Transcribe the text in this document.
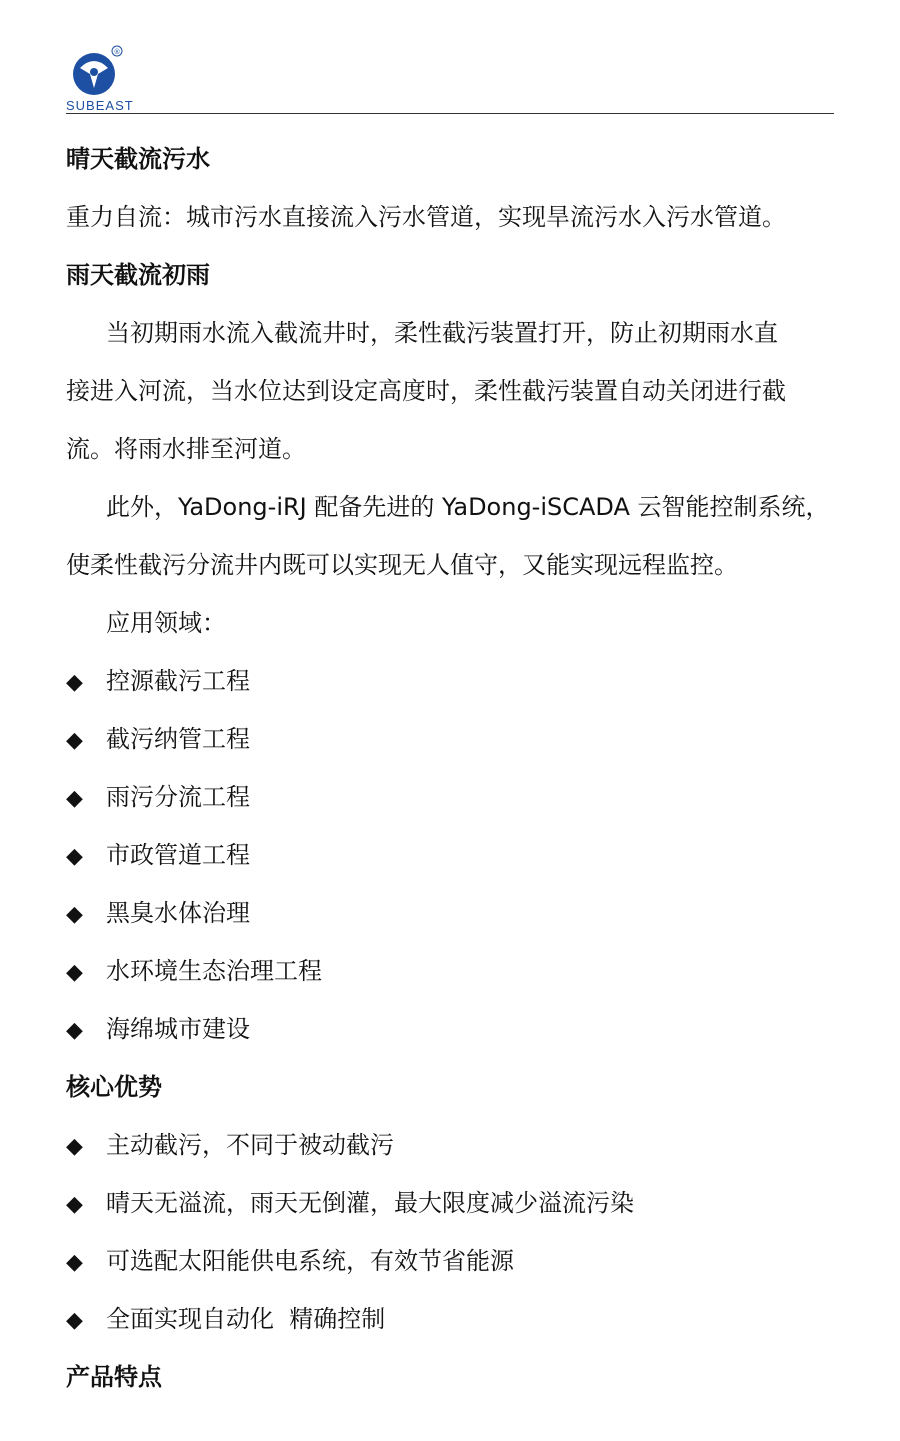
®
SUBEAST
晴天截流污水
重力自流：城市污水直接流入污水管道，实现旱流污水入污水管道。
雨天截流初雨
当初期雨水流入截流井时，柔性截污装置打开，防止初期雨水直
接进入河流，当水位达到设定高度时，柔性截污装置自动关闭进行截
流。将雨水排至河道。
此外，YaDong-iRJ 配备先进的 YaDong-iSCADA 云智能控制系统，
使柔性截污分流井内既可以实现无人值守，又能实现远程监控。
应用领域：
◆ 控源截污工程
◆ 截污纳管工程
◆ 雨污分流工程
◆ 市政管道工程
◆ 黑臭水体治理
◆ 水环境生态治理工程
◆ 海绵城市建设
核心优势
◆ 主动截污，不同于被动截污
◆ 晴天无溢流，雨天无倒灌，最大限度减少溢流污染
◆ 可选配太阳能供电系统，有效节省能源
◆ 全面实现自动化  精确控制
产品特点
